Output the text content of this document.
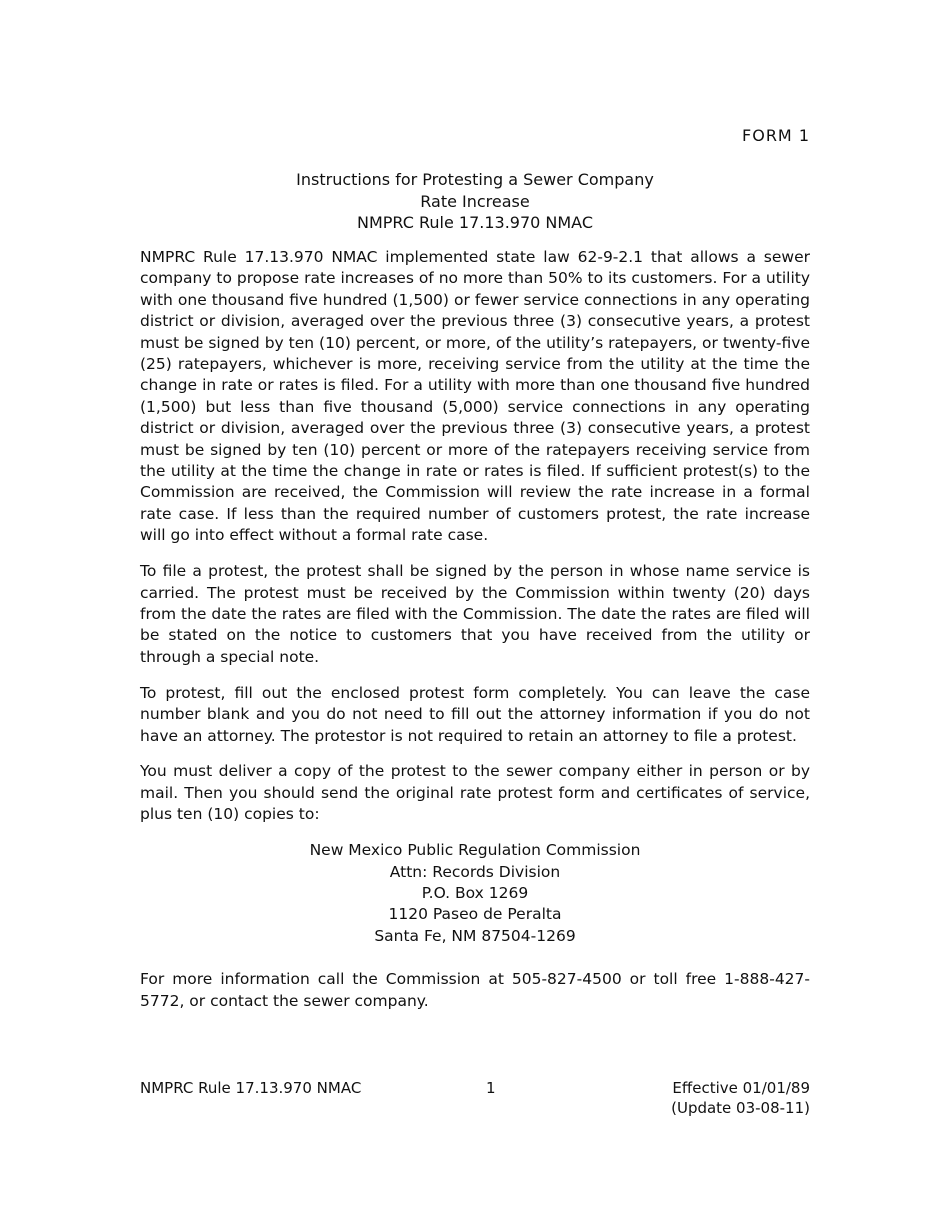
FORM 1
Instructions for Protesting a Sewer Company
Rate Increase
NMPRC Rule 17.13.970 NMAC

NMPRC Rule 17.13.970 NMAC implemented state law 62-9-2.1 that allows a sewer company to propose rate increases of no more than 50% to its customers. For a utility with one thousand five hundred (1,500) or fewer service connections in any operating district or division, averaged over the previous three (3) consecutive years, a protest must be signed by ten (10) percent, or more, of the utility’s ratepayers, or twenty-five (25) ratepayers, whichever is more, receiving service from the utility at the time the change in rate or rates is filed. For a utility with more than one thousand five hundred (1,500) but less than five thousand (5,000) service connections in any operating district or division, averaged over the previous three (3) consecutive years, a protest must be signed by ten (10) percent or more of the ratepayers receiving service from the utility at the time the change in rate or rates is filed. If sufficient protest(s) to the Commission are received, the Commission will review the rate increase in a formal rate case. If less than the required number of customers protest, the rate increase will go into effect without a formal rate case.

To file a protest, the protest shall be signed by the person in whose name service is carried. The protest must be received by the Commission within twenty (20) days from the date the rates are filed with the Commission. The date the rates are filed will be stated on the notice to customers that you have received from the utility or through a special note.

To protest, fill out the enclosed protest form completely. You can leave the case number blank and you do not need to fill out the attorney information if you do not have an attorney. The protestor is not required to retain an attorney to file a protest.

You must deliver a copy of the protest to the sewer company either in person or by mail. Then you should send the original rate protest form and certificates of service, plus ten (10) copies to:

New Mexico Public Regulation Commission
Attn: Records Division
P.O. Box 1269
1120 Paseo de Peralta
Santa Fe, NM 87504-1269

For more information call the Commission at 505-827-4500 or toll free 1-888-427-5772, or contact the sewer company.

NMPRC Rule 17.13.970 NMAC	1	Effective 01/01/89
(Update 03-08-11)
